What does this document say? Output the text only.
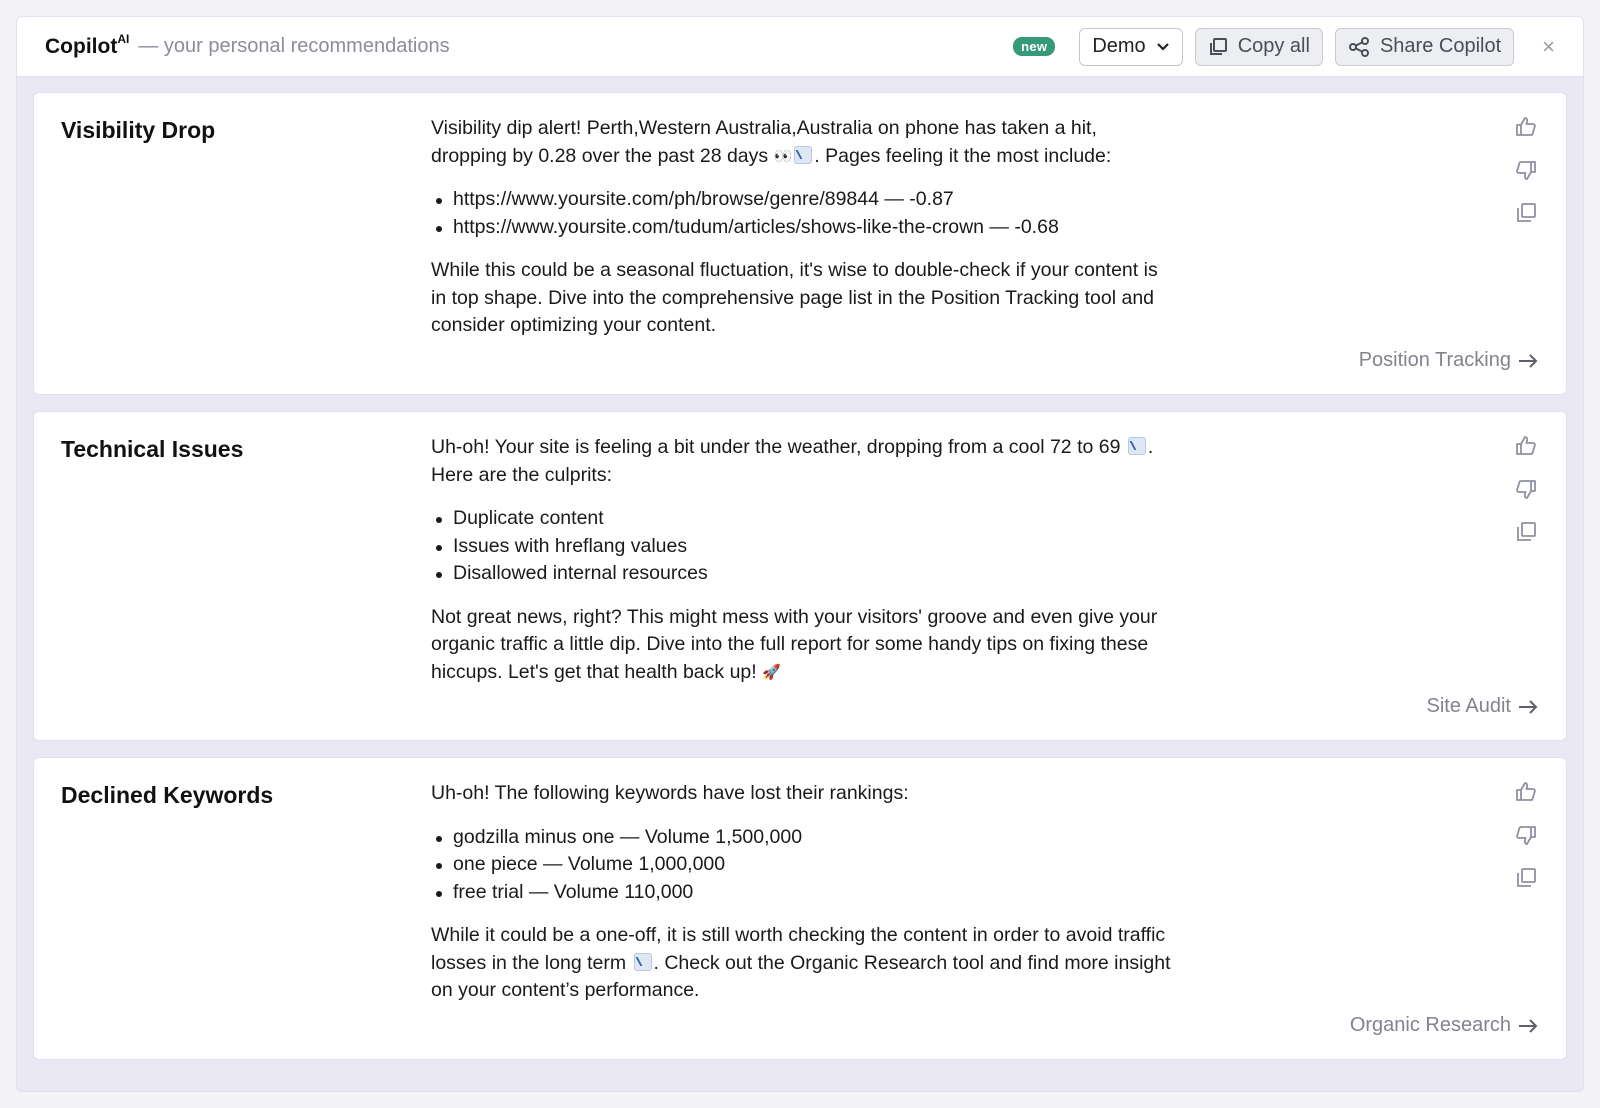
Copilot$^{AI}$ — your personal recommendations	new	Demo	Copy all	Share Copilot ×
Visibility Drop	Visibility dip alert! Perth,Western Australia,Australia on phone has taken a hit, dropping by 0.28 over the past 28 days 👀 . Pages feeling it the most include:

https://www.yoursite.com/ph/browse/genre/89844 — -0.87
https://www.yoursite.com/tudum/articles/shows-like-the-crown — -0.68

While this could be a seasonal fluctuation, it's wise to double-check if your content is in top shape. Dive into the comprehensive page list in the Position Tracking tool and consider optimizing your content.

Position Tracking
Technical Issues	Uh-oh! Your site is feeling a bit under the weather, dropping from a cool 72 to 69 . Here are the culprits:

Duplicate content
Issues with hreflang values
Disallowed internal resources

Not great news, right? This might mess with your visitors' groove and even give your organic traffic a little dip. Dive into the full report for some handy tips on fixing these hiccups. Let's get that health back up! 🚀

Site Audit
Declined Keywords	Uh-oh! The following keywords have lost their rankings:

godzilla minus one — Volume 1,500,000
one piece — Volume 1,000,000
free trial — Volume 110,000

While it could be a one-off, it is still worth checking the content in order to avoid traffic losses in the long term . Check out the Organic Research tool and find more insight on your content’s performance.

Organic Research
